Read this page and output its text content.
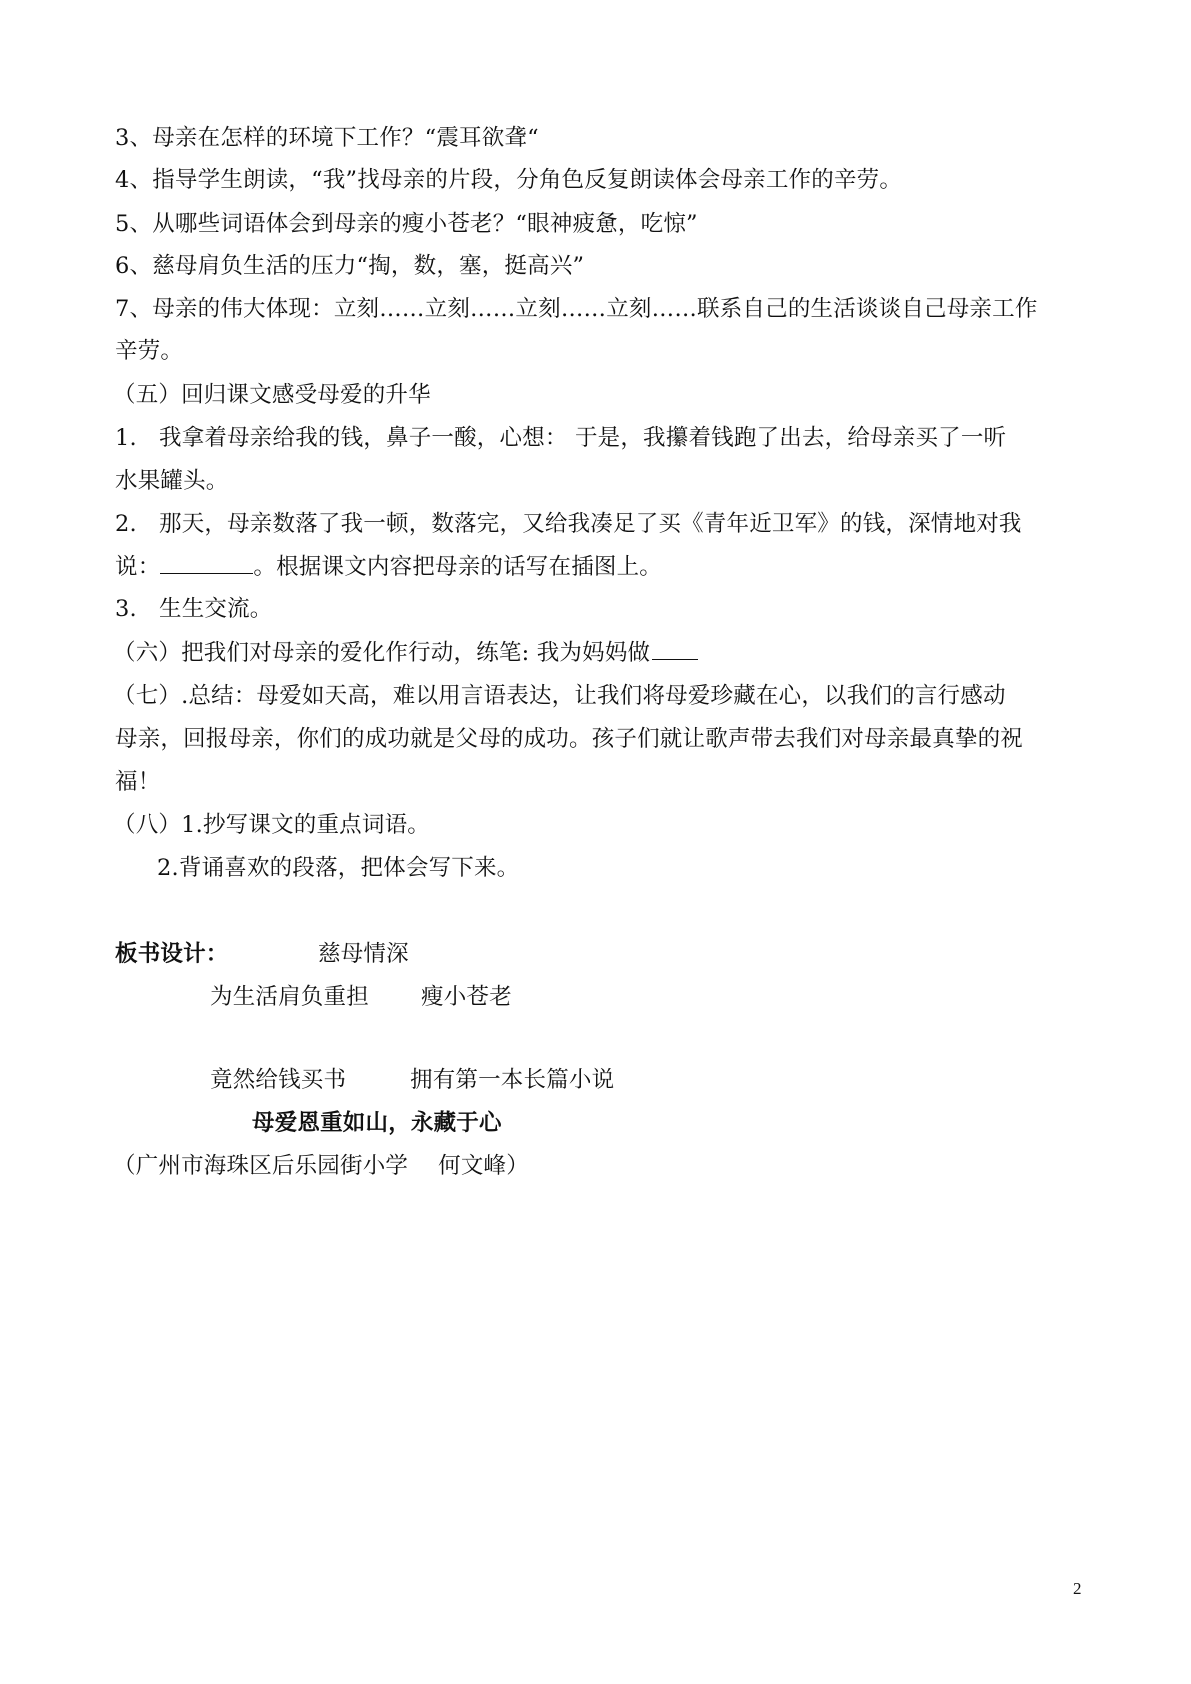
3、母亲在怎样的环境下工作？“震耳欲聋“
4、指导学生朗读，“我”找母亲的片段，分角色反复朗读体会母亲工作的辛劳。
5、从哪些词语体会到母亲的瘦小苍老？“眼神疲惫，吃惊”
6、慈母肩负生活的压力“掏，数，塞，挺高兴”
7、母亲的伟大体现：立刻……立刻……立刻……立刻……联系自己的生活谈谈自己母亲工作
辛劳。
（五）回归课文感受母爱的升华
1. 我拿着母亲给我的钱，鼻子一酸，心想： 于是，我攥着钱跑了出去，给母亲买了一听
水果罐头。
2. 那天，母亲数落了我一顿，数落完，又给我凑足了买《青年近卫军》的钱，深情地对我
说：	。根据课文内容把母亲的话写在插图上。
3. 生生交流。
（六）把我们对母亲的爱化作行动，练笔: 我为妈妈做
（七）.总结：母爱如天高，难以用言语表达，让我们将母爱珍藏在心，以我们的言行感动
母亲，回报母亲，你们的成功就是父母的成功。孩子们就让歌声带去我们对母亲最真挚的祝
福！
（八）1.抄写课文的重点词语。
2.背诵喜欢的段落，把体会写下来。
板书设计：	慈母情深
为生活肩负重担 瘦小苍老
竟然给钱买书	拥有第一本长篇小说
母爱恩重如山，永藏于心
（广州市海珠区后乐园街小学　 何文峰）
2
